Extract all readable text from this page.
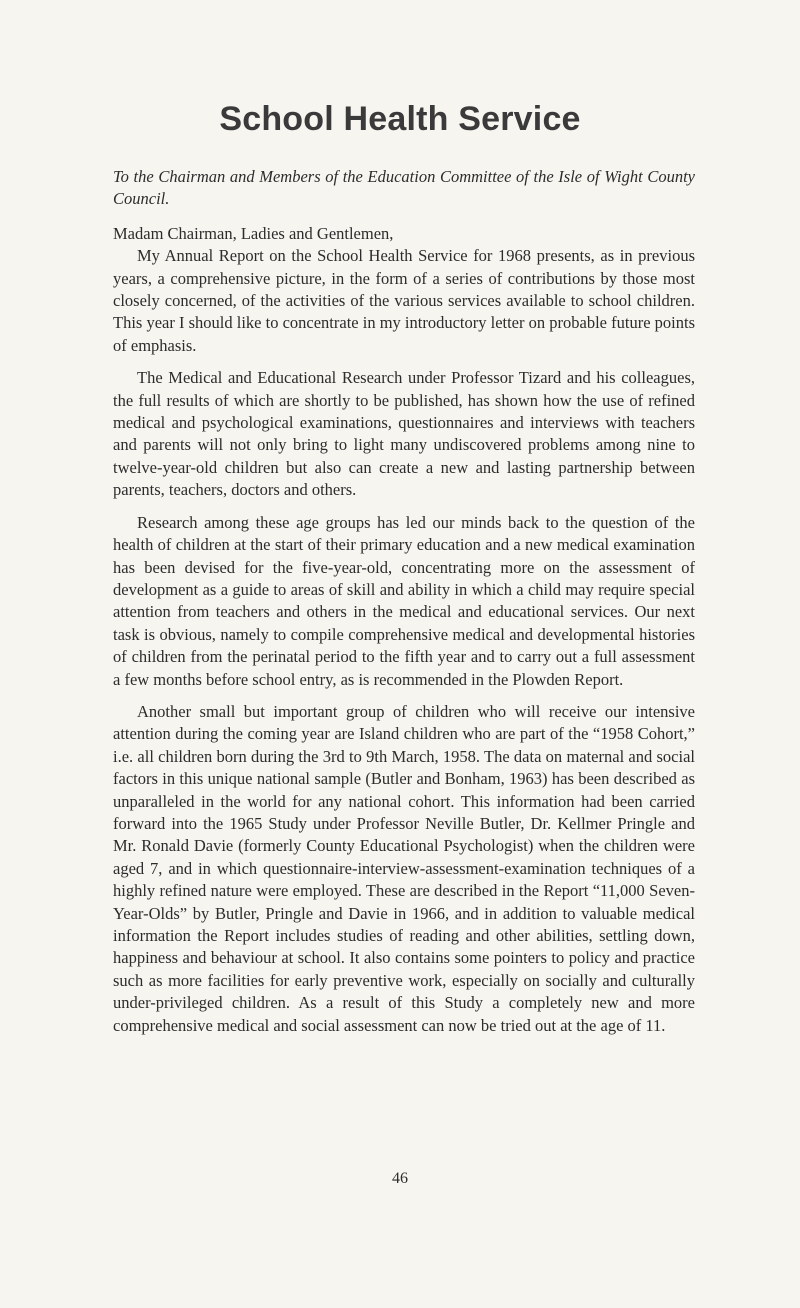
School Health Service

To the Chairman and Members of the Education Committee of the Isle of Wight County Council.

Madam Chairman, Ladies and Gentlemen,

My Annual Report on the School Health Service for 1968 presents, as in previous years, a comprehensive picture, in the form of a series of contributions by those most closely concerned, of the activities of the various services available to school children. This year I should like to concentrate in my introductory letter on probable future points of emphasis.

The Medical and Educational Research under Professor Tizard and his colleagues, the full results of which are shortly to be published, has shown how the use of refined medical and psychological examinations, questionnaires and interviews with teachers and parents will not only bring to light many undiscovered problems among nine to twelve-year-old children but also can create a new and lasting partnership between parents, teachers, doctors and others.

Research among these age groups has led our minds back to the question of the health of children at the start of their primary education and a new medical examination has been devised for the five-year-old, concentrating more on the assessment of development as a guide to areas of skill and ability in which a child may require special attention from teachers and others in the medical and educational services. Our next task is obvious, namely to compile comprehensive medical and developmental histories of children from the perinatal period to the fifth year and to carry out a full assessment a few months before school entry, as is recommended in the Plowden Report.

Another small but important group of children who will receive our intensive attention during the coming year are Island children who are part of the “1958 Cohort,” i.e. all children born during the 3rd to 9th March, 1958. The data on maternal and social factors in this unique national sample (Butler and Bonham, 1963) has been described as unparalleled in the world for any national cohort. This information had been carried forward into the 1965 Study under Professor Neville Butler, Dr. Kellmer Pringle and Mr. Ronald Davie (formerly County Educational Psychologist) when the children were aged 7, and in which questionnaire-interview-assessment-examination techniques of a highly refined nature were employed. These are described in the Report “11,000 Seven-Year-Olds” by Butler, Pringle and Davie in 1966, and in addition to valuable medical information the Report includes studies of reading and other abilities, settling down, happiness and behaviour at school. It also contains some pointers to policy and practice such as more facilities for early preventive work, especially on socially and culturally under-privileged children. As a result of this Study a completely new and more comprehensive medical and social assessment can now be tried out at the age of 11.

46
